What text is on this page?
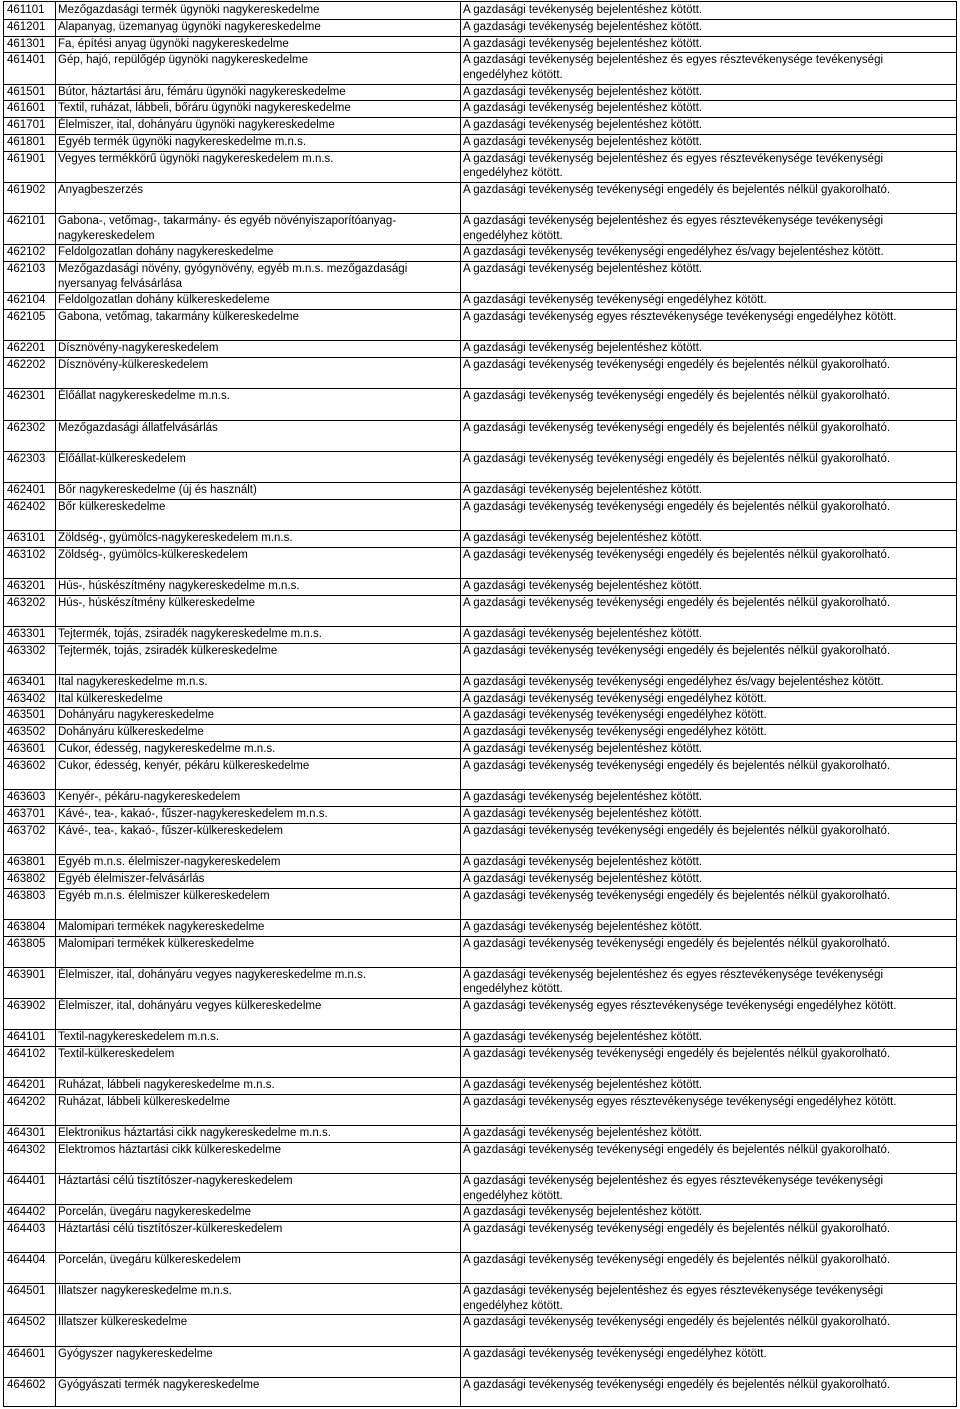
461101	Mezőgazdasági termék ügynöki nagykereskedelme	A gazdasági tevékenység bejelentéshez kötött.
461201	Alapanyag, üzemanyag ügynöki nagykereskedelme	A gazdasági tevékenység bejelentéshez kötött.
461301	Fa, építési anyag ügynöki nagykereskedelme	A gazdasági tevékenység bejelentéshez kötött.
461401	Gép, hajó, repülőgép ügynöki nagykereskedelme	A gazdasági tevékenység bejelentéshez és egyes résztevékenysége tevékenységi
engedélyhez kötött.
461501	Bútor, háztartási áru, fémáru ügynöki nagykereskedelme	A gazdasági tevékenység bejelentéshez kötött.
461601	Textil, ruházat, lábbeli, bőráru ügynöki nagykereskedelme	A gazdasági tevékenység bejelentéshez kötött.
461701	Élelmiszer, ital, dohányáru ügynöki nagykereskedelme	A gazdasági tevékenység bejelentéshez kötött.
461801	Egyéb termék ügynöki nagykereskedelme m.n.s.	A gazdasági tevékenység bejelentéshez kötött.
461901	Vegyes termékkörű ügynöki nagykereskedelem m.n.s.	A gazdasági tevékenység bejelentéshez és egyes résztevékenysége tevékenységi
engedélyhez kötött.
461902	Anyagbeszerzés	A gazdasági tevékenység tevékenységi engedély és bejelentés nélkül gyakorolható.
462101	Gabona-, vetőmag-, takarmány- és egyéb növényiszaporítóanyag-
nagykereskedelem
A gazdasági tevékenység bejelentéshez és egyes résztevékenysége tevékenységi
engedélyhez kötött.
462102	Feldolgozatlan dohány nagykereskedelme	A gazdasági tevékenység tevékenységi engedélyhez és/vagy bejelentéshez kötött.
462103	Mezőgazdasági növény, gyógynövény, egyéb m.n.s. mezőgazdasági
nyersanyag felvásárlása
A gazdasági tevékenység bejelentéshez kötött.
462104	Feldolgozatlan dohány külkereskedeleme	A gazdasági tevékenység tevékenységi engedélyhez kötött.
462105	Gabona, vetőmag, takarmány külkereskedelme	A gazdasági tevékenység egyes résztevékenysége tevékenységi engedélyhez kötött.
462201	Dísznövény-nagykereskedelem	A gazdasági tevékenység bejelentéshez kötött.
462202	Dísznövény-külkereskedelem	A gazdasági tevékenység tevékenységi engedély és bejelentés nélkül gyakorolható.
462301	Élőállat nagykereskedelme m.n.s.	A gazdasági tevékenység tevékenységi engedély és bejelentés nélkül gyakorolható.
462302	Mezőgazdasági állatfelvásárlás	A gazdasági tevékenység tevékenységi engedély és bejelentés nélkül gyakorolható.
462303	Élőállat-külkereskedelem	A gazdasági tevékenység tevékenységi engedély és bejelentés nélkül gyakorolható.
462401	Bőr nagykereskedelme (új és használt)	A gazdasági tevékenység bejelentéshez kötött.
462402	Bőr külkereskedelme	A gazdasági tevékenység tevékenységi engedély és bejelentés nélkül gyakorolható.
463101	Zöldség-, gyümölcs-nagykereskedelem m.n.s.	A gazdasági tevékenység bejelentéshez kötött.
463102	Zöldség-, gyümölcs-külkereskedelem	A gazdasági tevékenység tevékenységi engedély és bejelentés nélkül gyakorolható.
463201	Hús-, húskészítmény nagykereskedelme m.n.s.	A gazdasági tevékenység bejelentéshez kötött.
463202	Hús-, húskészítmény külkereskedelme	A gazdasági tevékenység tevékenységi engedély és bejelentés nélkül gyakorolható.
463301	Tejtermék, tojás, zsiradék nagykereskedelme m.n.s.	A gazdasági tevékenység bejelentéshez kötött.
463302	Tejtermék, tojás, zsiradék külkereskedelme	A gazdasági tevékenység tevékenységi engedély és bejelentés nélkül gyakorolható.
463401	Ital nagykereskedelme m.n.s.	A gazdasági tevékenység tevékenységi engedélyhez és/vagy bejelentéshez kötött.
463402	Ital külkereskedelme	A gazdasági tevékenység tevékenységi engedélyhez kötött.
463501	Dohányáru nagykereskedelme	A gazdasági tevékenység tevékenységi engedélyhez kötött.
463502	Dohányáru külkereskedelme	A gazdasági tevékenység tevékenységi engedélyhez kötött.
463601	Cukor, édesség, nagykereskedelme m.n.s.	A gazdasági tevékenység bejelentéshez kötött.
463602	Cukor, édesség, kenyér, pékáru külkereskedelme	A gazdasági tevékenység tevékenységi engedély és bejelentés nélkül gyakorolható.
463603	Kenyér-, pékáru-nagykereskedelem	A gazdasági tevékenység bejelentéshez kötött.
463701	Kávé-, tea-, kakaó-, fűszer-nagykereskedelem m.n.s.	A gazdasági tevékenység bejelentéshez kötött.
463702	Kávé-, tea-, kakaó-, fűszer-külkereskedelem	A gazdasági tevékenység tevékenységi engedély és bejelentés nélkül gyakorolható.
463801	Egyéb m.n.s. élelmiszer-nagykereskedelem	A gazdasági tevékenység bejelentéshez kötött.
463802	Egyéb élelmiszer-felvásárlás	A gazdasági tevékenység bejelentéshez kötött.
463803	Egyéb m.n.s. élelmiszer külkereskedelem	A gazdasági tevékenység tevékenységi engedély és bejelentés nélkül gyakorolható.
463804	Malomipari termékek nagykereskedelme	A gazdasági tevékenység bejelentéshez kötött.
463805	Malomipari termékek külkereskedelme	A gazdasági tevékenység tevékenységi engedély és bejelentés nélkül gyakorolható.
463901	Élelmiszer, ital, dohányáru vegyes nagykereskedelme m.n.s.	A gazdasági tevékenység bejelentéshez és egyes résztevékenysége tevékenységi
engedélyhez kötött.
463902	Élelmiszer, ital, dohányáru vegyes külkereskedelme	A gazdasági tevékenység egyes résztevékenysége tevékenységi engedélyhez kötött.
464101	Textil-nagykereskedelem m.n.s.	A gazdasági tevékenység bejelentéshez kötött.
464102	Textil-külkereskedelem	A gazdasági tevékenység tevékenységi engedély és bejelentés nélkül gyakorolható.
464201	Ruházat, lábbeli nagykereskedelme m.n.s.	A gazdasági tevékenység bejelentéshez kötött.
464202	Ruházat, lábbeli külkereskedelme	A gazdasági tevékenység egyes résztevékenysége tevékenységi engedélyhez kötött.
464301	Elektronikus háztartási cikk nagykereskedelme m.n.s.	A gazdasági tevékenység bejelentéshez kötött.
464302	Elektromos háztartási cikk külkereskedelme	A gazdasági tevékenység tevékenységi engedély és bejelentés nélkül gyakorolható.
464401	Háztartási célú tisztítószer-nagykereskedelem	A gazdasági tevékenység bejelentéshez és egyes résztevékenysége tevékenységi
engedélyhez kötött.
464402	Porcelán, üvegáru nagykereskedelme	A gazdasági tevékenység bejelentéshez kötött.
464403	Háztartási célú tisztítószer-külkereskedelem	A gazdasági tevékenység tevékenységi engedély és bejelentés nélkül gyakorolható.
464404	Porcelán, üvegáru külkereskedelem	A gazdasági tevékenység tevékenységi engedély és bejelentés nélkül gyakorolható.
464501	Illatszer nagykereskedelme m.n.s.	A gazdasági tevékenység bejelentéshez és egyes résztevékenysége tevékenységi
engedélyhez kötött.
464502	Illatszer külkereskedelme	A gazdasági tevékenység tevékenységi engedély és bejelentés nélkül gyakorolható.
464601	Gyógyszer nagykereskedelme	A gazdasági tevékenység tevékenységi engedélyhez kötött.
464602	Gyógyászati termék nagykereskedelme	A gazdasági tevékenység tevékenységi engedély és bejelentés nélkül gyakorolható.
